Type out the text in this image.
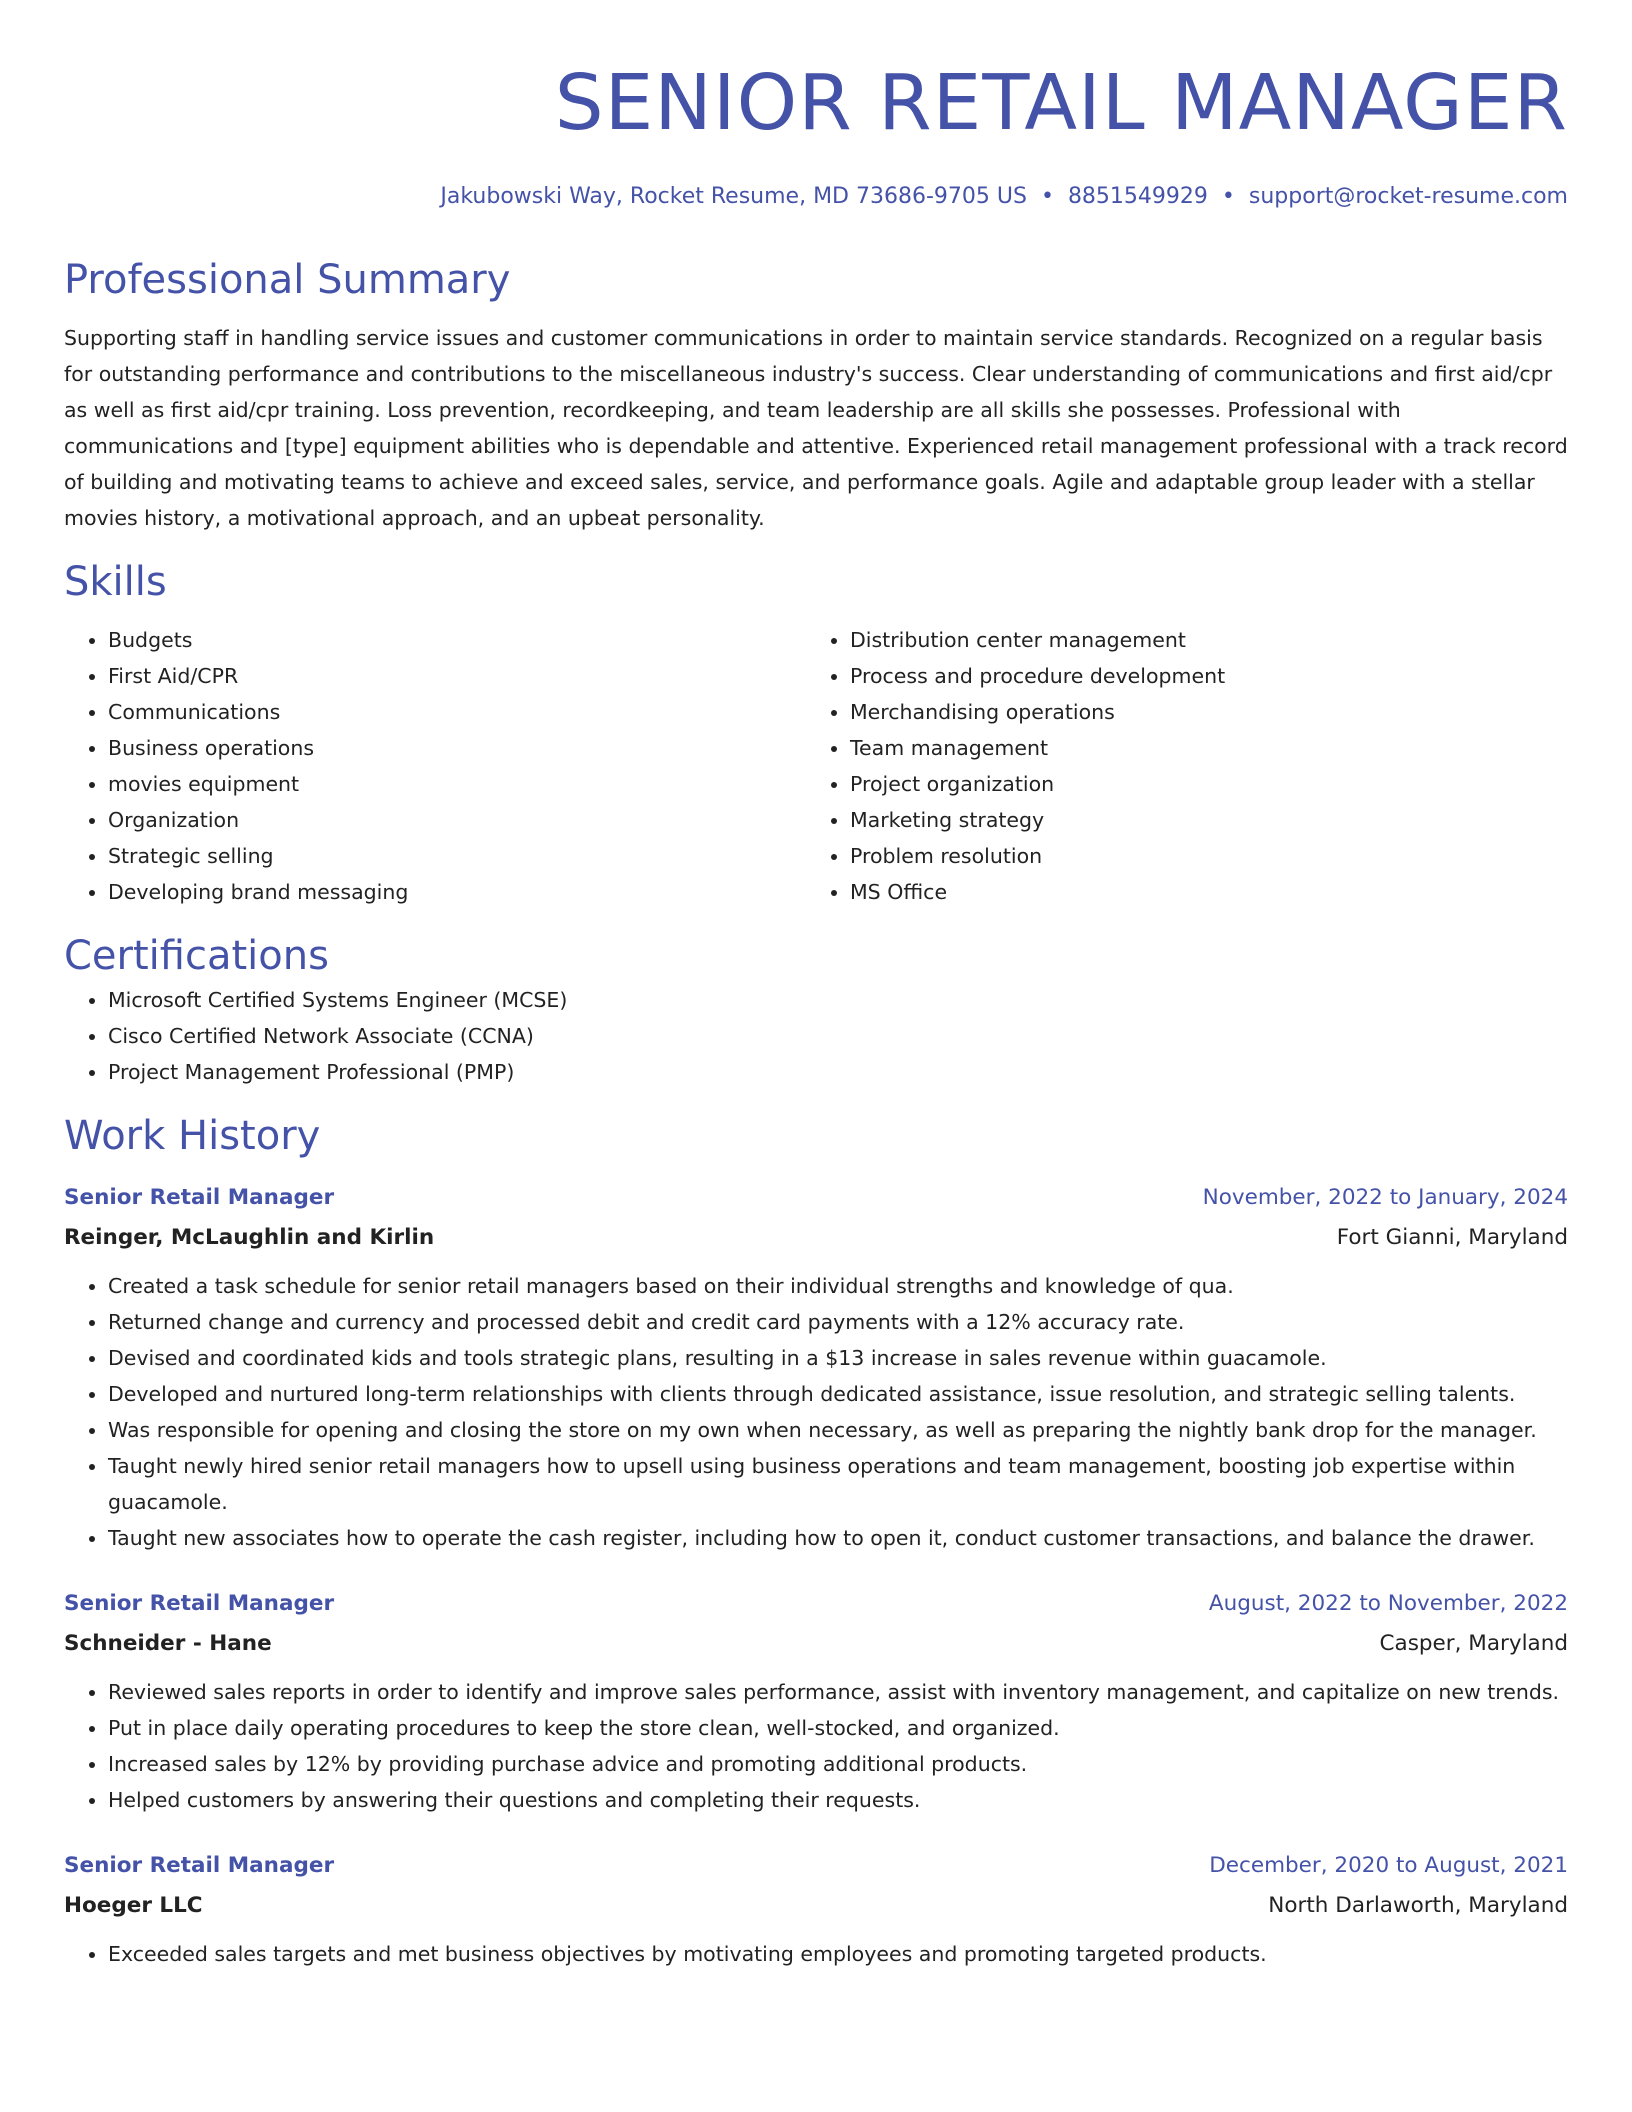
SENIOR RETAIL MANAGER
Jakubowski Way, Rocket Resume, MD 73686-9705 US • 8851549929 • support@rocket-resume.com
Professional Summary
Supporting staff in handling service issues and customer communications in order to maintain service standards. Recognized on a regular basis for outstanding performance and contributions to the miscellaneous industry's success. Clear understanding of communications and first aid/cpr as well as first aid/cpr training. Loss prevention, recordkeeping, and team leadership are all skills she possesses. Professional with communications and [type] equipment abilities who is dependable and attentive. Experienced retail management professional with a track record of building and motivating teams to achieve and exceed sales, service, and performance goals. Agile and adaptable group leader with a stellar movies history, a motivational approach, and an upbeat personality.
Skills
• Budgets
• First Aid/CPR
• Communications
• Business operations
• movies equipment
• Organization
• Strategic selling
• Developing brand messaging
• Distribution center management
• Process and procedure development
• Merchandising operations
• Team management
• Project organization
• Marketing strategy
• Problem resolution
• MS Office
Certifications
• Microsoft Certified Systems Engineer (MCSE)
• Cisco Certified Network Associate (CCNA)
• Project Management Professional (PMP)
Work History
Senior Retail Manager	November, 2022 to January, 2024
Reinger, McLaughlin and Kirlin	Fort Gianni, Maryland
• Created a task schedule for senior retail managers based on their individual strengths and knowledge of qua.
• Returned change and currency and processed debit and credit card payments with a 12% accuracy rate.
• Devised and coordinated kids and tools strategic plans, resulting in a $13 increase in sales revenue within guacamole.
• Developed and nurtured long-term relationships with clients through dedicated assistance, issue resolution, and strategic selling talents.
• Was responsible for opening and closing the store on my own when necessary, as well as preparing the nightly bank drop for the manager.
• Taught newly hired senior retail managers how to upsell using business operations and team management, boosting job expertise within guacamole.
• Taught new associates how to operate the cash register, including how to open it, conduct customer transactions, and balance the drawer.
Senior Retail Manager	August, 2022 to November, 2022
Schneider - Hane	Casper, Maryland
• Reviewed sales reports in order to identify and improve sales performance, assist with inventory management, and capitalize on new trends.
• Put in place daily operating procedures to keep the store clean, well-stocked, and organized.
• Increased sales by 12% by providing purchase advice and promoting additional products.
• Helped customers by answering their questions and completing their requests.
Senior Retail Manager	December, 2020 to August, 2021
Hoeger LLC	North Darlaworth, Maryland
• Exceeded sales targets and met business objectives by motivating employees and promoting targeted products.
